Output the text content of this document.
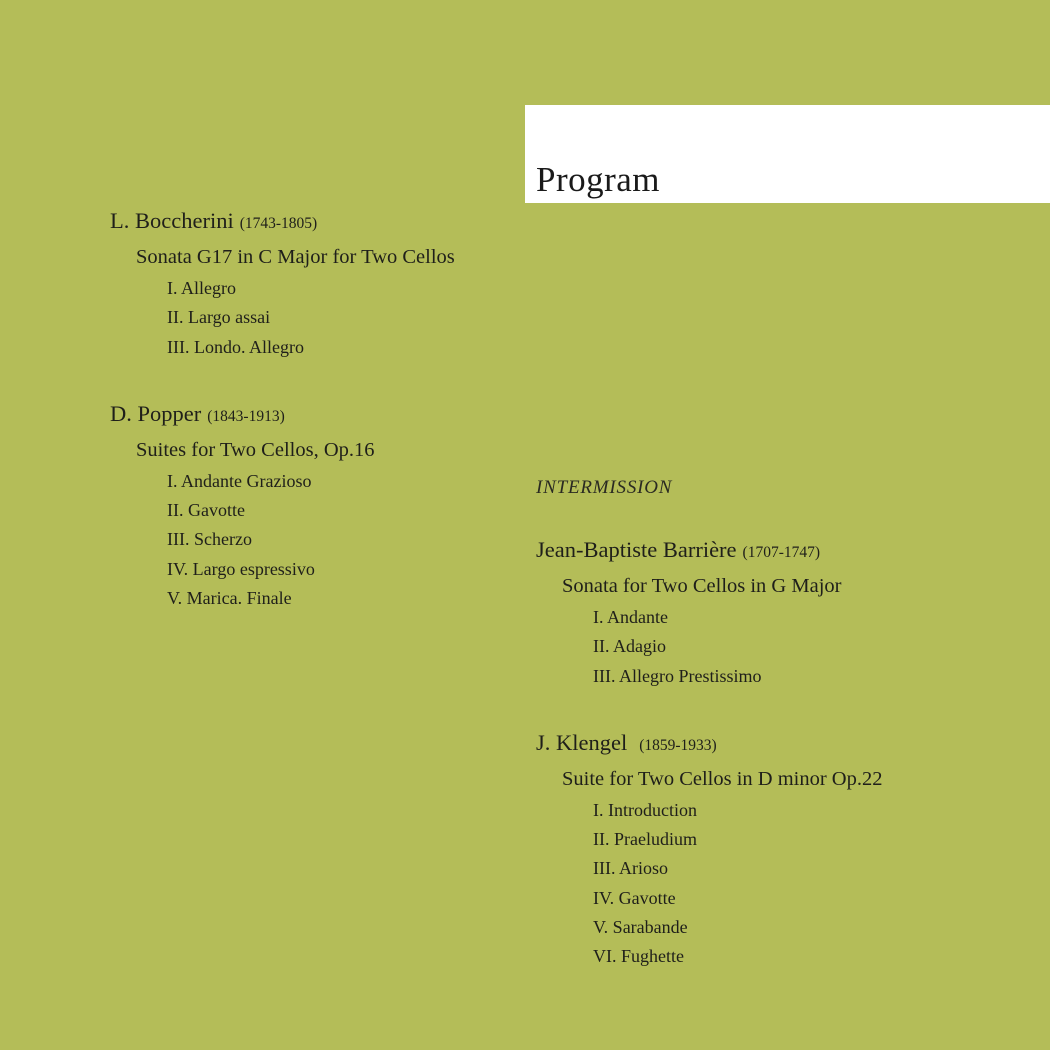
Program
L. Boccherini (1743-1805)
Sonata G17 in C Major for Two Cellos
I. Allegro
II. Largo assai
III. Londo. Allegro
D. Popper (1843-1913)
Suites for Two Cellos, Op.16
I. Andante Grazioso
II. Gavotte
III. Scherzo
IV. Largo espressivo
V. Marica. Finale
INTERMISSION
Jean-Baptiste Barrière (1707-1747)
Sonata for Two Cellos in G Major
I. Andante
II. Adagio
III. Allegro Prestissimo
J. Klengel (1859-1933)
Suite for Two Cellos in D minor Op.22
I. Introduction
II. Praeludium
III. Arioso
IV. Gavotte
V. Sarabande
VI. Fughette
